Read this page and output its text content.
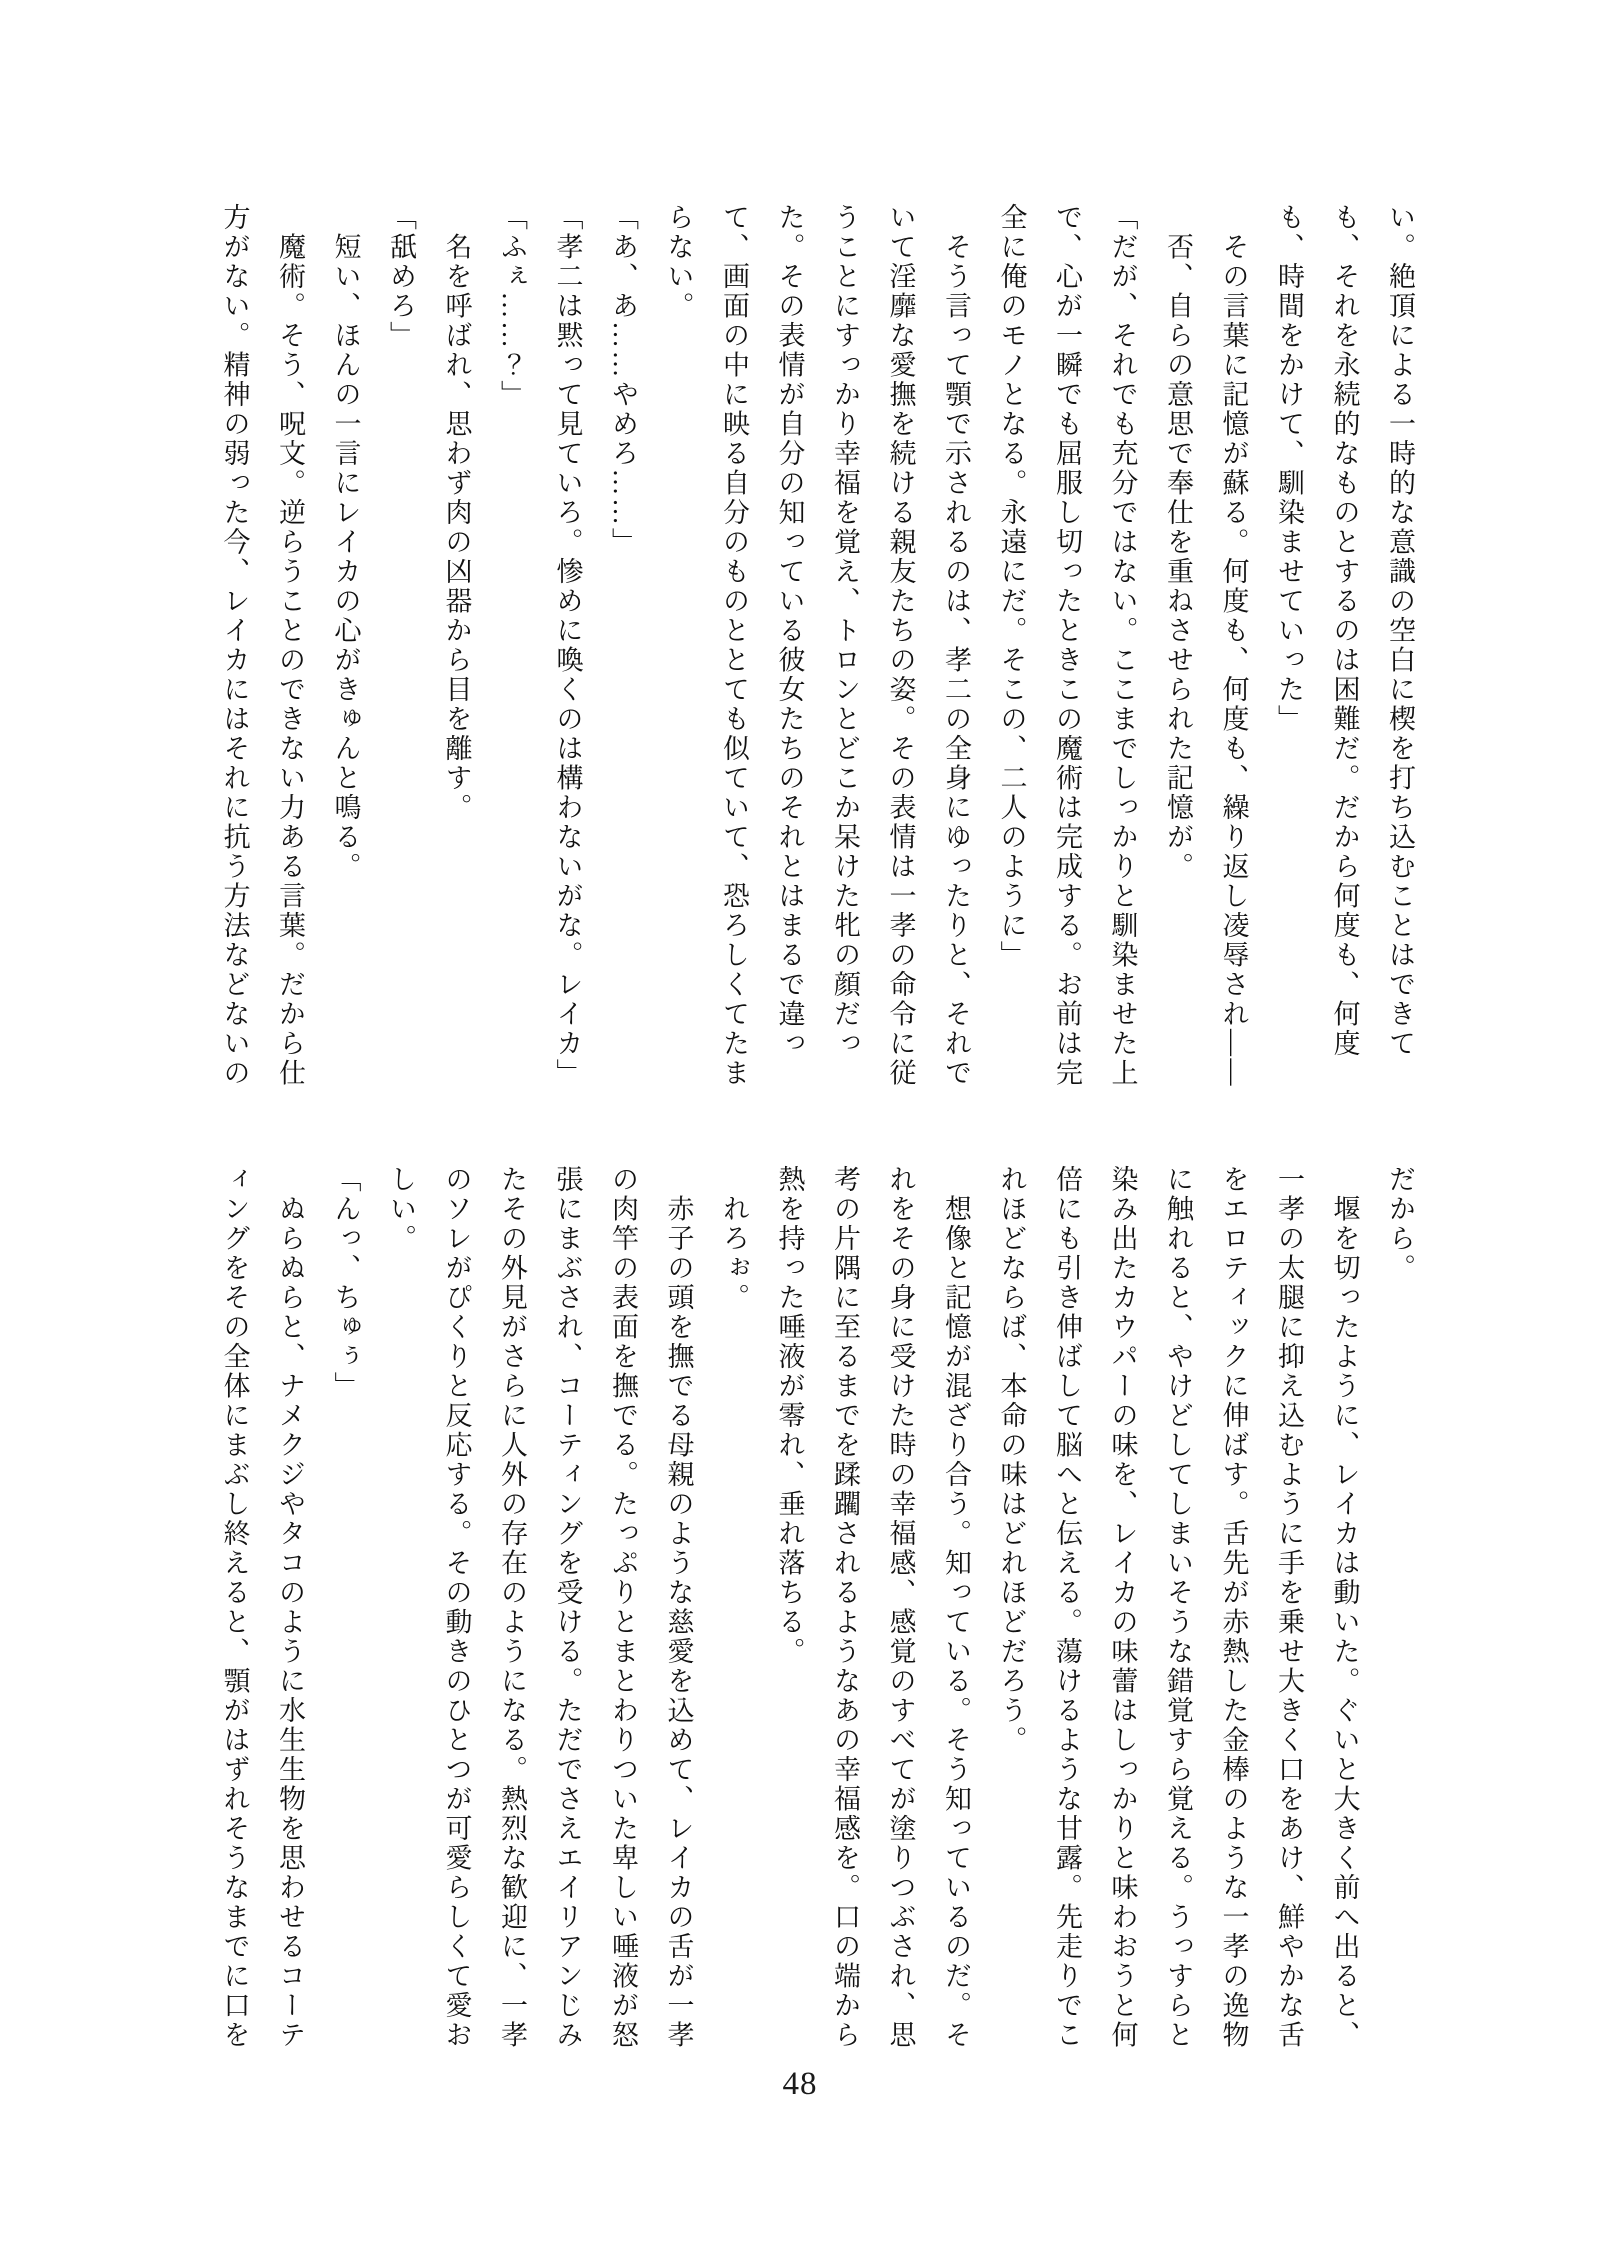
い。絶頂による一時的な意識の空白に楔を打ち込むことはできて
も、それを永続的なものとするのは困難だ。だから何度も、何度
も、時間をかけて、馴染ませていった」
　その言葉に記憶が蘇る。何度も、何度も、繰り返し凌辱され――
　否、自らの意思で奉仕を重ねさせられた記憶が。
「だが、それでも充分ではない。ここまでしっかりと馴染ませた上
で、心が一瞬でも屈服し切ったときこの魔術は完成する。お前は完
全に俺のモノとなる。永遠にだ。そこの、二人のように」
　そう言って顎で示されるのは、孝二の全身にゆったりと、それで
いて淫靡な愛撫を続ける親友たちの姿。その表情は一孝の命令に従
うことにすっかり幸福を覚え、トロンとどこか呆けた牝の顔だっ
た。その表情が自分の知っている彼女たちのそれとはまるで違っ
て、画面の中に映る自分のものととても似ていて、恐ろしくてたま
らない。
「あ、あ……やめろ……」
「孝二は黙って見ていろ。惨めに喚くのは構わないがな。レイカ」
「ふぇ……？」
　名を呼ばれ、思わず肉の凶器から目を離す。
「舐めろ」
　短い、ほんの一言にレイカの心がきゅんと鳴る。
　魔術。そう、呪文。逆らうことのできない力ある言葉。だから仕
方がない。精神の弱った今、レイカにはそれに抗う方法などないの
だから。
　堰を切ったように、レイカは動いた。ぐいと大きく前へ出ると、
一孝の太腿に抑え込むように手を乗せ大きく口をあけ、鮮やかな舌
をエロティックに伸ばす。舌先が赤熱した金棒のような一孝の逸物
に触れると、やけどしてしまいそうな錯覚すら覚える。うっすらと
染み出たカウパーの味を、レイカの味蕾はしっかりと味わおうと何
倍にも引き伸ばして脳へと伝える。蕩けるような甘露。先走りでこ
れほどならば、本命の味はどれほどだろう。
　想像と記憶が混ざり合う。知っている。そう知っているのだ。そ
れをその身に受けた時の幸福感、感覚のすべてが塗りつぶされ、思
考の片隅に至るまでを蹂躙されるようなあの幸福感を。口の端から
熱を持った唾液が零れ、垂れ落ちる。
　れろぉ。
　赤子の頭を撫でる母親のような慈愛を込めて、レイカの舌が一孝
の肉竿の表面を撫でる。たっぷりとまとわりついた卑しい唾液が怒
張にまぶされ、コーティングを受ける。ただでさえエイリアンじみ
たその外見がさらに人外の存在のようになる。熱烈な歓迎に、一孝
のソレがぴくりと反応する。その動きのひとつが可愛らしくて愛お
しい。
「んっ、ちゅぅ」
　ぬらぬらと、ナメクジやタコのように水生生物を思わせるコーテ
ィングをその全体にまぶし終えると、顎がはずれそうなまでに口を
48
